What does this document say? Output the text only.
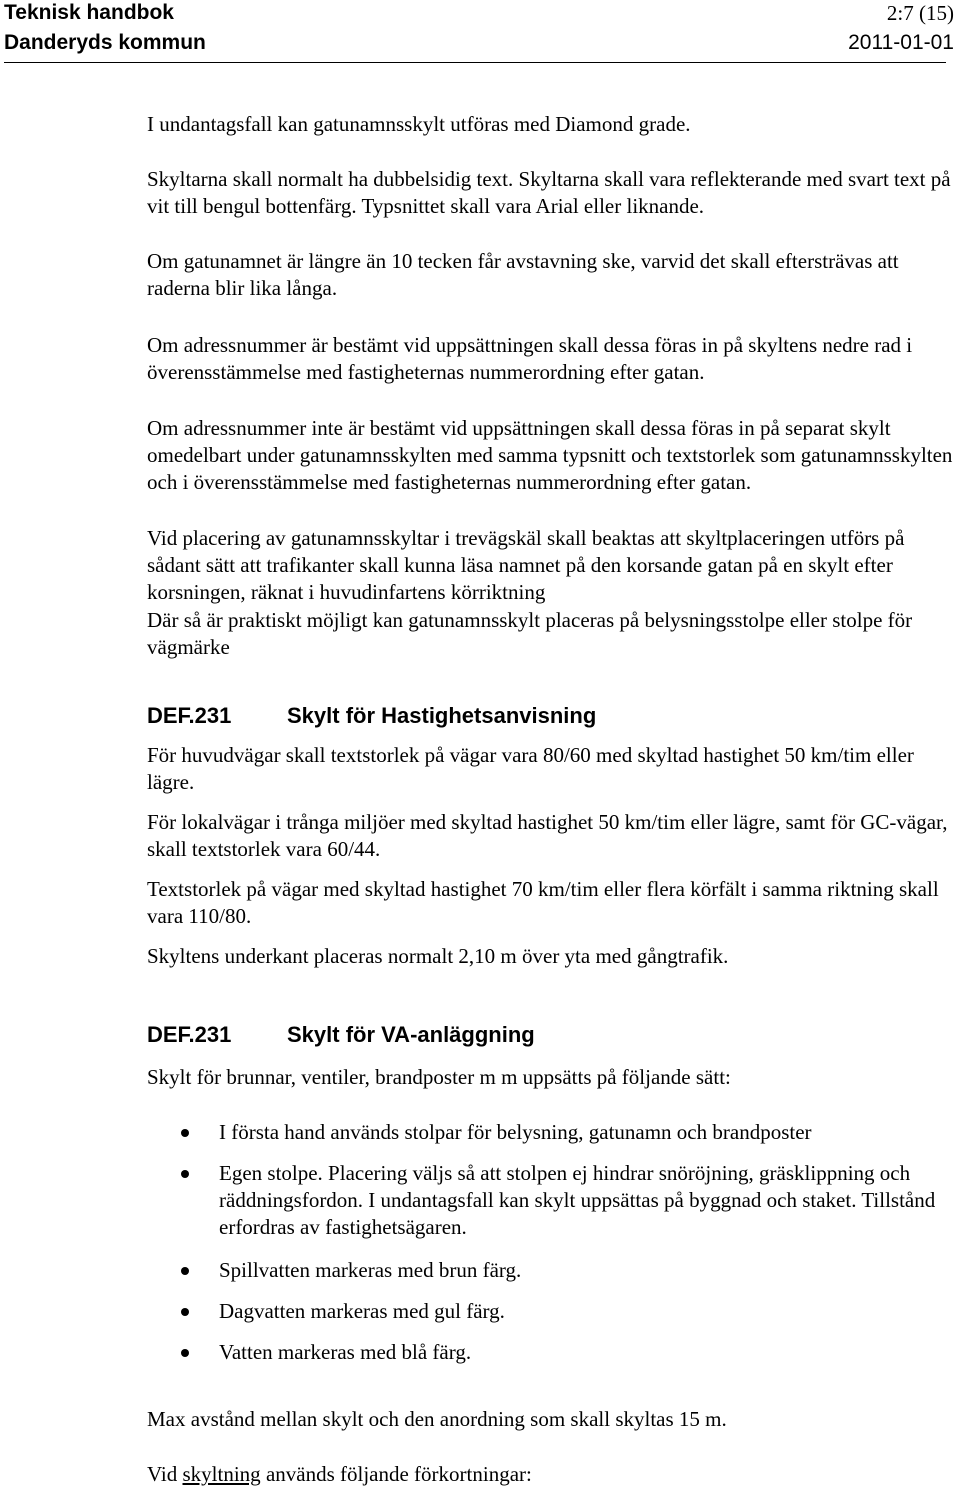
Teknisk handbok	2:7 (15)
Danderyds kommun	2011-01-01

I undantagsfall kan gatunamnsskylt utföras med Diamond grade.

Skyltarna skall normalt ha dubbelsidig text. Skyltarna skall vara reflekterande med svart text på vit till bengul bottenfärg. Typsnittet skall vara Arial eller liknande.

Om gatunamnet är längre än 10 tecken får avstavning ske, varvid det skall eftersträvas att raderna blir lika långa.

Om adressnummer är bestämt vid uppsättningen skall dessa föras in på skyltens nedre rad i överensstämmelse med fastigheternas nummerordning efter gatan.

Om adressnummer inte är bestämt vid uppsättningen skall dessa föras in på separat skylt omedelbart under gatunamnsskylten med samma typsnitt och textstorlek som gatunamnsskylten och i överensstämmelse med fastigheternas nummerordning efter gatan.

Vid placering av gatunamnsskyltar i trevägskäl skall beaktas att skyltplaceringen utförs på sådant sätt att trafikanter skall kunna läsa namnet på den korsande gatan på en skylt efter korsningen, räknat i huvudinfartens körriktning

Där så är praktiskt möjligt kan gatunamnsskylt placeras på belysningsstolpe eller stolpe för vägmärke

DEF.231	Skylt för Hastighetsanvisning

För huvudvägar skall textstorlek på vägar vara 80/60 med skyltad hastighet 50 km/tim eller lägre.

För lokalvägar i trånga miljöer med skyltad hastighet 50 km/tim eller lägre, samt för GC-vägar, skall textstorlek vara 60/44.

Textstorlek på vägar med skyltad hastighet 70 km/tim eller flera körfält i samma riktning skall vara 110/80.

Skyltens underkant placeras normalt 2,10 m över yta med gångtrafik.

DEF.231	Skylt för VA-anläggning

Skylt för brunnar, ventiler, brandposter m m uppsätts på följande sätt:

I första hand används stolpar för belysning, gatunamn och brandposter
Egen stolpe. Placering väljs så att stolpen ej hindrar snöröjning, gräsklippning och räddningsfordon. I undantagsfall kan skylt uppsättas på byggnad och staket. Tillstånd erfordras av fastighetsägaren.
Spillvatten markeras med brun färg.
Dagvatten markeras med gul färg.
Vatten markeras med blå färg.

Max avstånd mellan skylt och den anordning som skall skyltas 15 m.

Vid skyltning används följande förkortningar:
